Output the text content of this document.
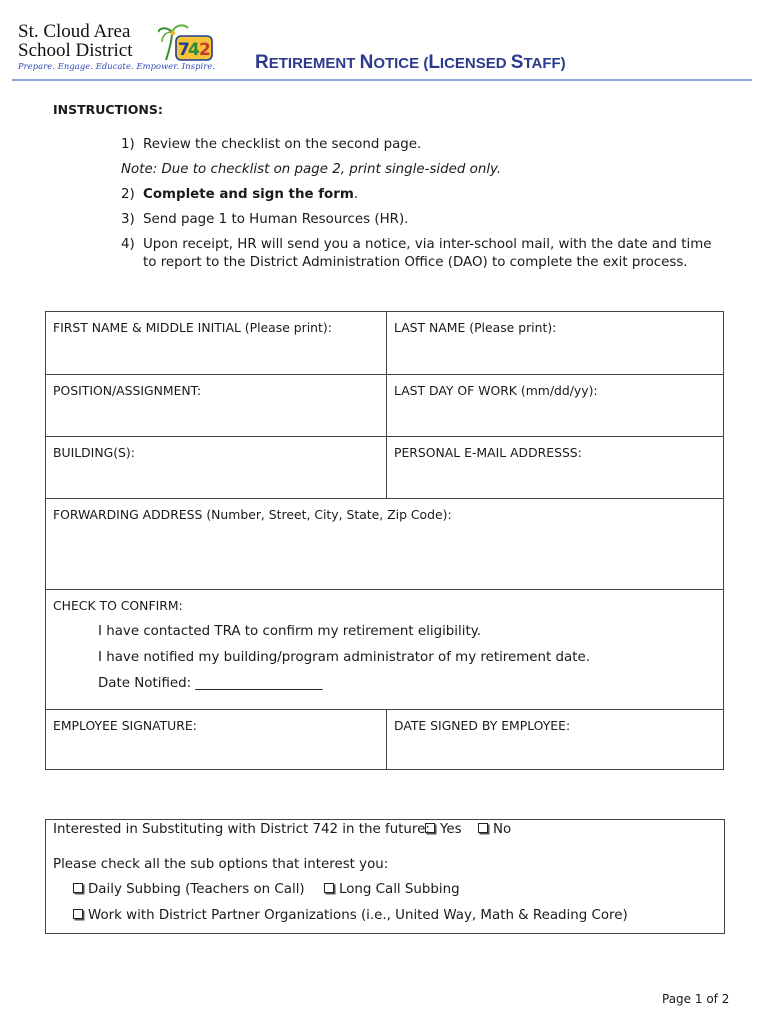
St. Cloud Area
School District	7
4 2
Prepare. Engage. Educate. Empower. Inspire. RETIREMENT NOTICE (LICENSED STAFF)
INSTRUCTIONS:
1) Review the checklist on the second page.
Note: Due to checklist on page 2, print single-sided only.
2) Complete and sign the form.
3) Send page 1 to Human Resources (HR).
4) Upon receipt, HR will send you a notice, via inter-school mail, with the date and time
to report to the District Administration Office (DAO) to complete the exit process.
FIRST NAME & MIDDLE INITIAL (Please print):	LAST NAME (Please print):
POSITION/ASSIGNMENT:	LAST DAY OF WORK (mm/dd/yy):
BUILDING(S):	PERSONAL E-MAIL ADDRESSS:
FORWARDING ADDRESS (Number, Street, City, State, Zip Code):
CHECK TO CONFIRM:
I have contacted TRA to confirm my retirement eligibility.
I have notified my building/program administrator of my retirement date.
Date Notified: ___________________
EMPLOYEE SIGNATURE:	DATE SIGNED BY EMPLOYEE:
Interested in Substituting with District 742 in the future: Yes	No
Please check all the sub options that interest you:
Daily Subbing (Teachers on Call)	Long Call Subbing
Work with District Partner Organizations (i.e., United Way, Math & Reading Core)
Page 1 of 2
